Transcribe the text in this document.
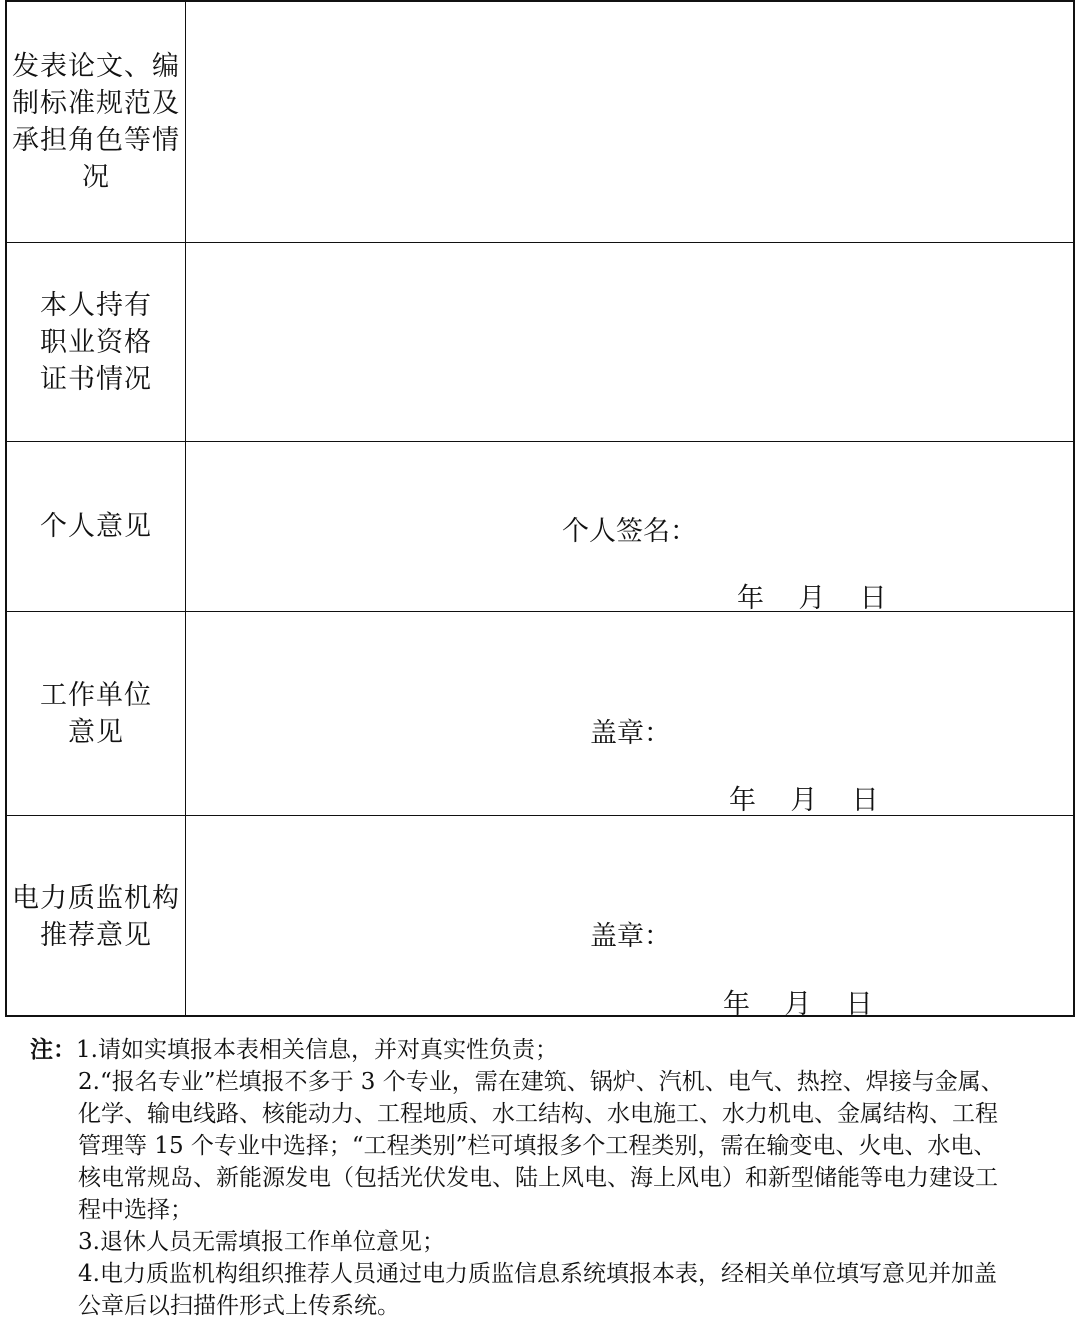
发表论文、编
制标准规范及
承担角色等情
况
本人持有
职业资格
证书情况
个人意见	个人签名：
年    月    日
工作单位
意见	盖章：
年    月    日
电力质监机构
推荐意见	盖章：
年    月    日
注：1.请如实填报本表相关信息，并对真实性负责；
2.“报名专业”栏填报不多于 3 个专业，需在建筑、锅炉、汽机、电气、热控、焊接与金属、
化学、输电线路、核能动力、工程地质、水工结构、水电施工、水力机电、金属结构、工程
管理等 15 个专业中选择；“工程类别”栏可填报多个工程类别，需在输变电、火电、水电、
核电常规岛、新能源发电（包括光伏发电、陆上风电、海上风电）和新型储能等电力建设工
程中选择；
3.退休人员无需填报工作单位意见；
4.电力质监机构组织推荐人员通过电力质监信息系统填报本表，经相关单位填写意见并加盖
公章后以扫描件形式上传系统。
